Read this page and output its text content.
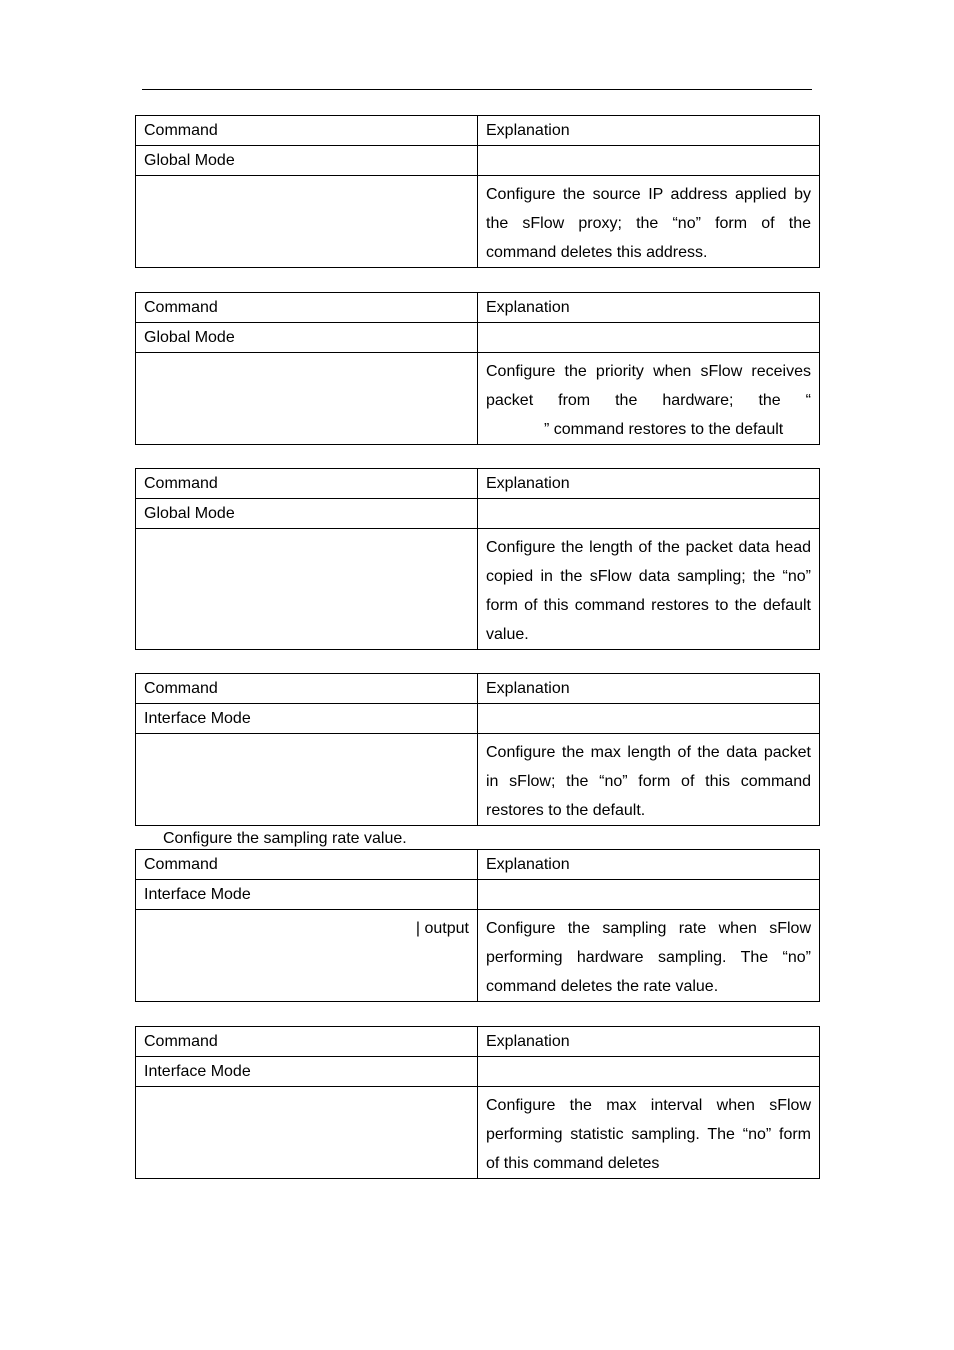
Command	Explanation
Global Mode	
	Configure the source IP address applied by the sFlow proxy; the “no” form of the command deletes this address.
Command	Explanation
Global Mode	

	Configure the priority when sFlow receives packet from the hardware; the “
” command restores to the default
Command	Explanation
Global Mode	
	Configure the length of the packet data head copied in the sFlow data sampling; the “no” form of this command restores to the default value.
Command	Explanation
Interface Mode	
	Configure the max length of the data packet in sFlow; the “no” form of this command restores to the default.
Configure the sampling rate value.
Command	Explanation
Interface Mode	
| output	Configure the sampling rate when sFlow performing hardware sampling. The “no” command deletes the rate value.
Command	Explanation
Interface Mode	
	Configure the max interval when sFlow performing statistic sampling. The “no” form of this command deletes
